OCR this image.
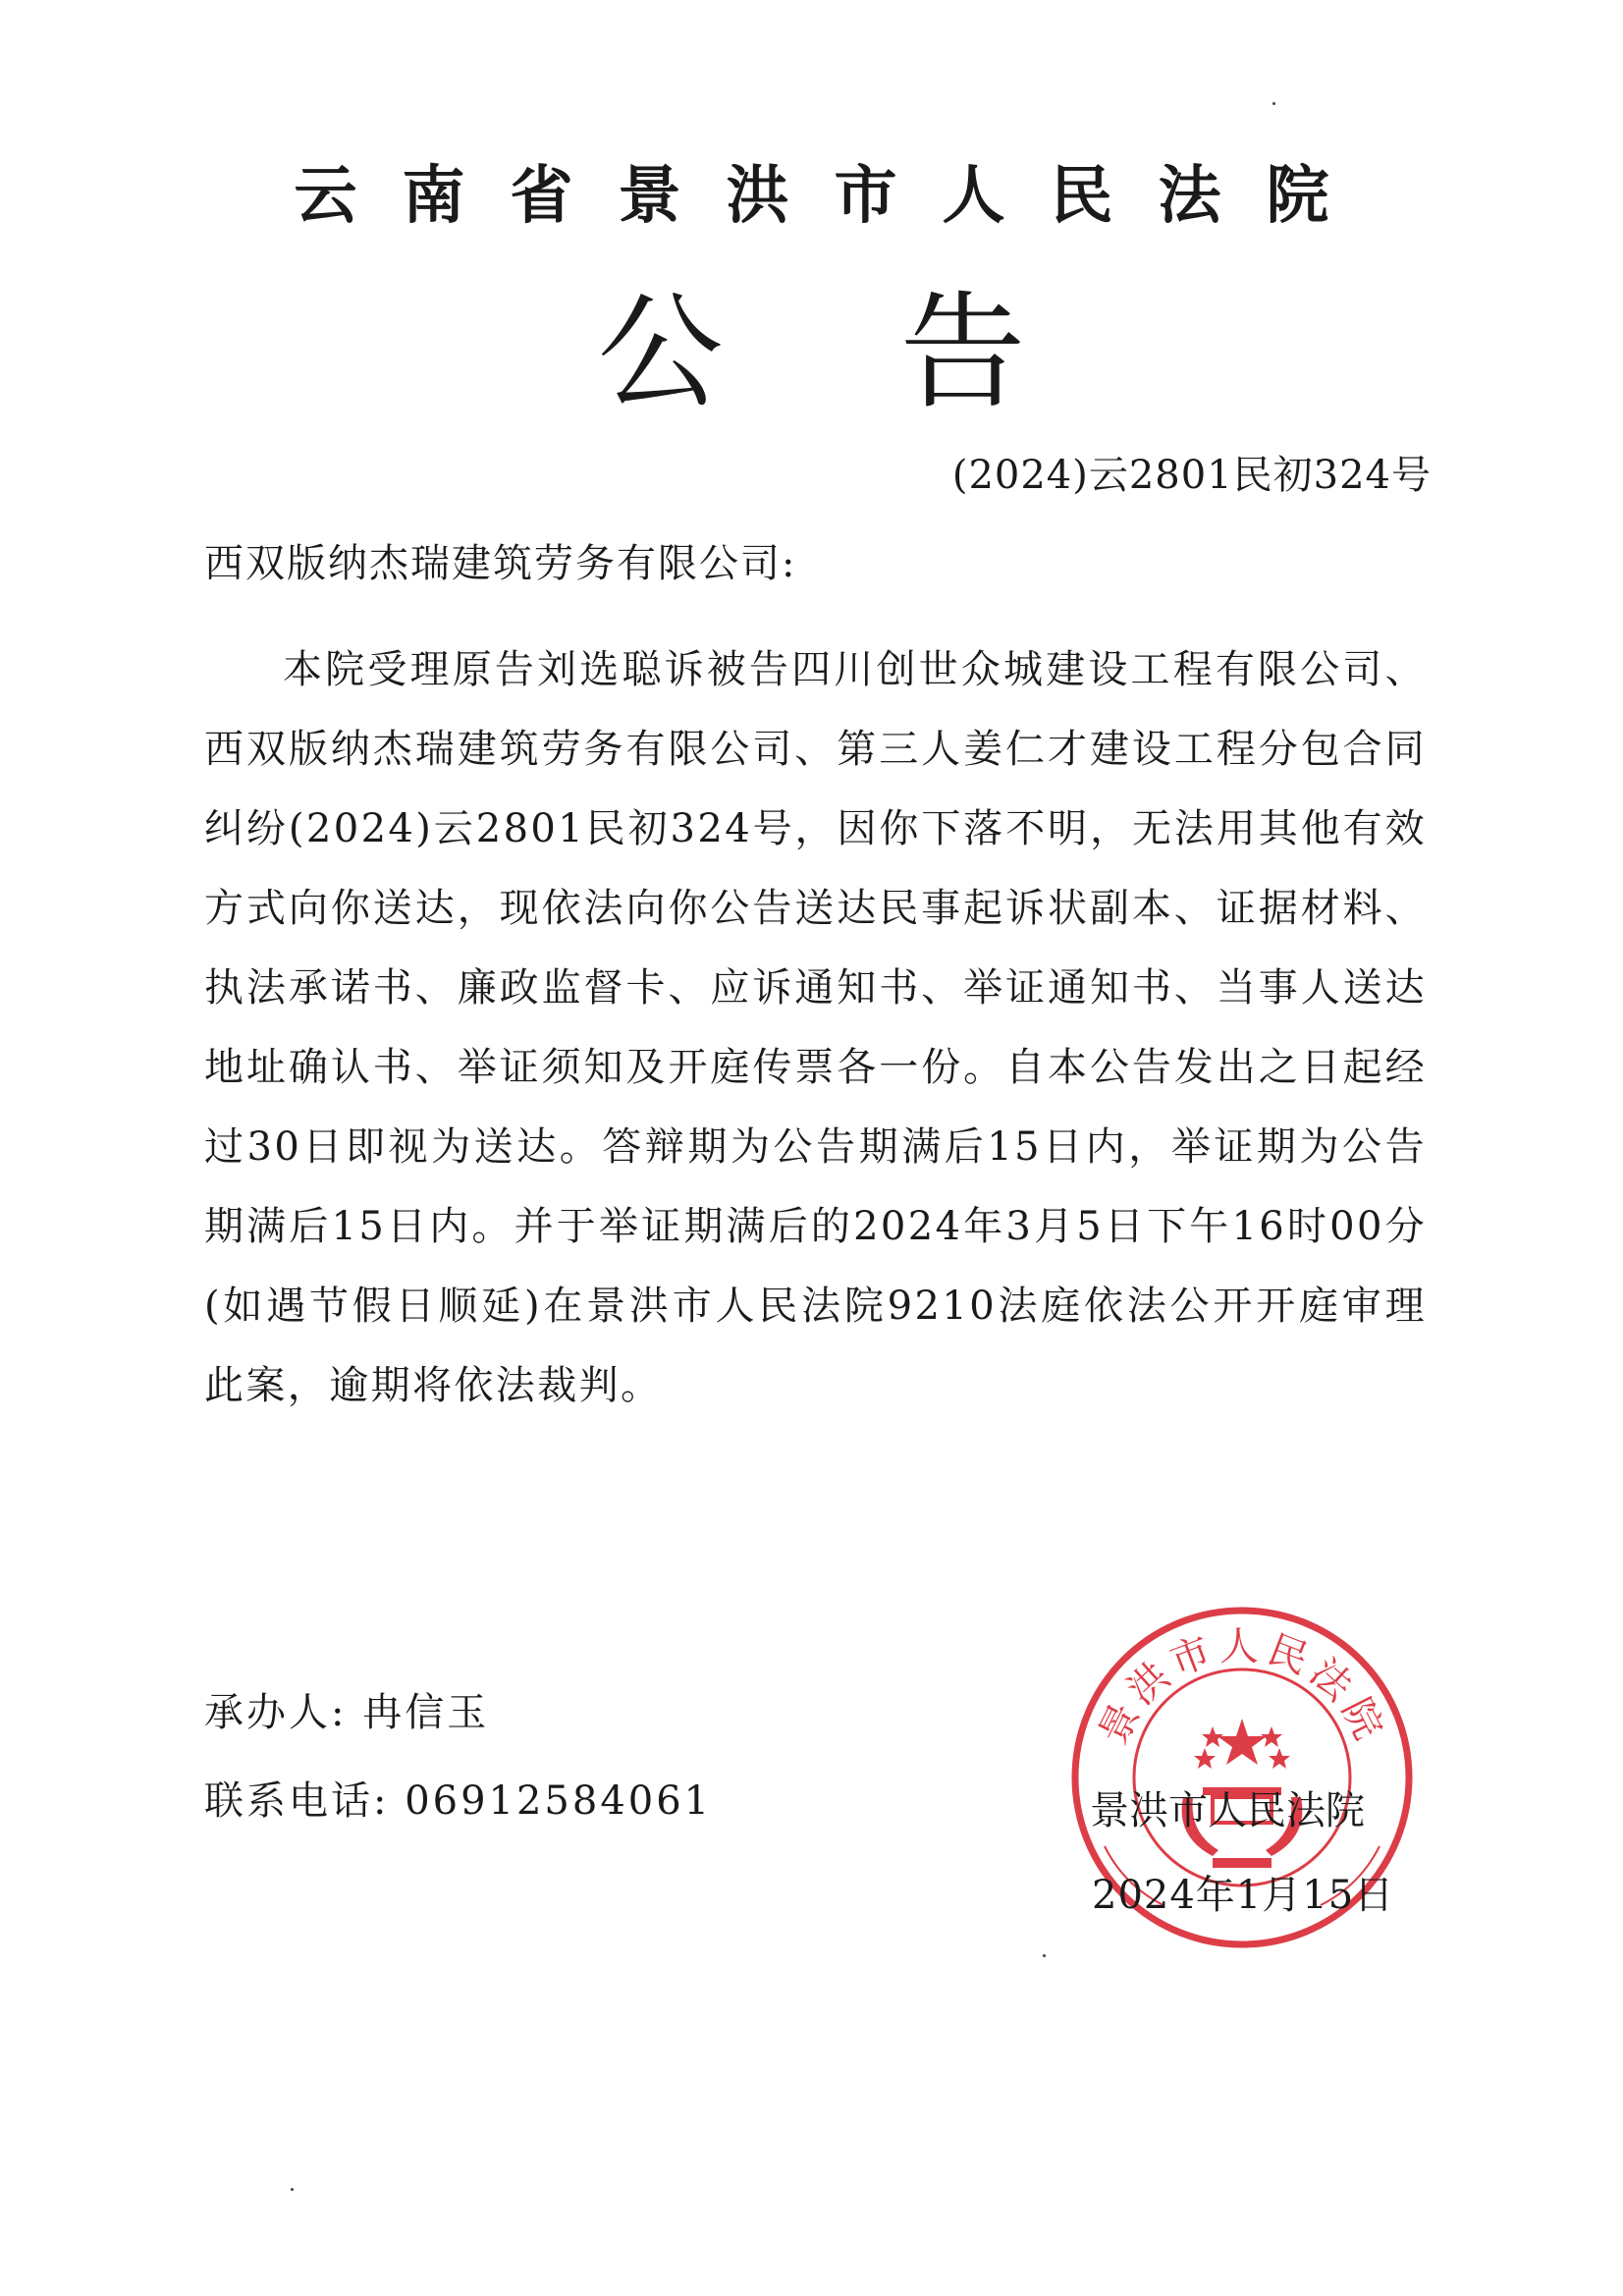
云南省景洪市人民法院
公告
(2024)云2801民初324号
西双版纳杰瑞建筑劳务有限公司:

本院受理原告刘选聪诉被告四川创世众城建设工程有限公司、西双版纳杰瑞建筑劳务有限公司、第三人姜仁才建设工程分包合同纠纷(2024)云2801民初324号，因你下落不明，无法用其他有效方式向你送达，现依法向你公告送达民事起诉状副本、证据材料、执法承诺书、廉政监督卡、应诉通知书、举证通知书、当事人送达地址确认书、举证须知及开庭传票各一份。自本公告发出之日起经过30日即视为送达。答辩期为公告期满后15日内，举证期为公告期满后15日内。并于举证期满后的2024年3月5日下午16时00分(如遇节假日顺延)在景洪市人民法院9210法庭依法公开开庭审理此案，逾期将依法裁判。

承办人: 冉信玉
联系电话: 06912584061
景洪市人民法院
景洪市人民法院
2024年1月15日
